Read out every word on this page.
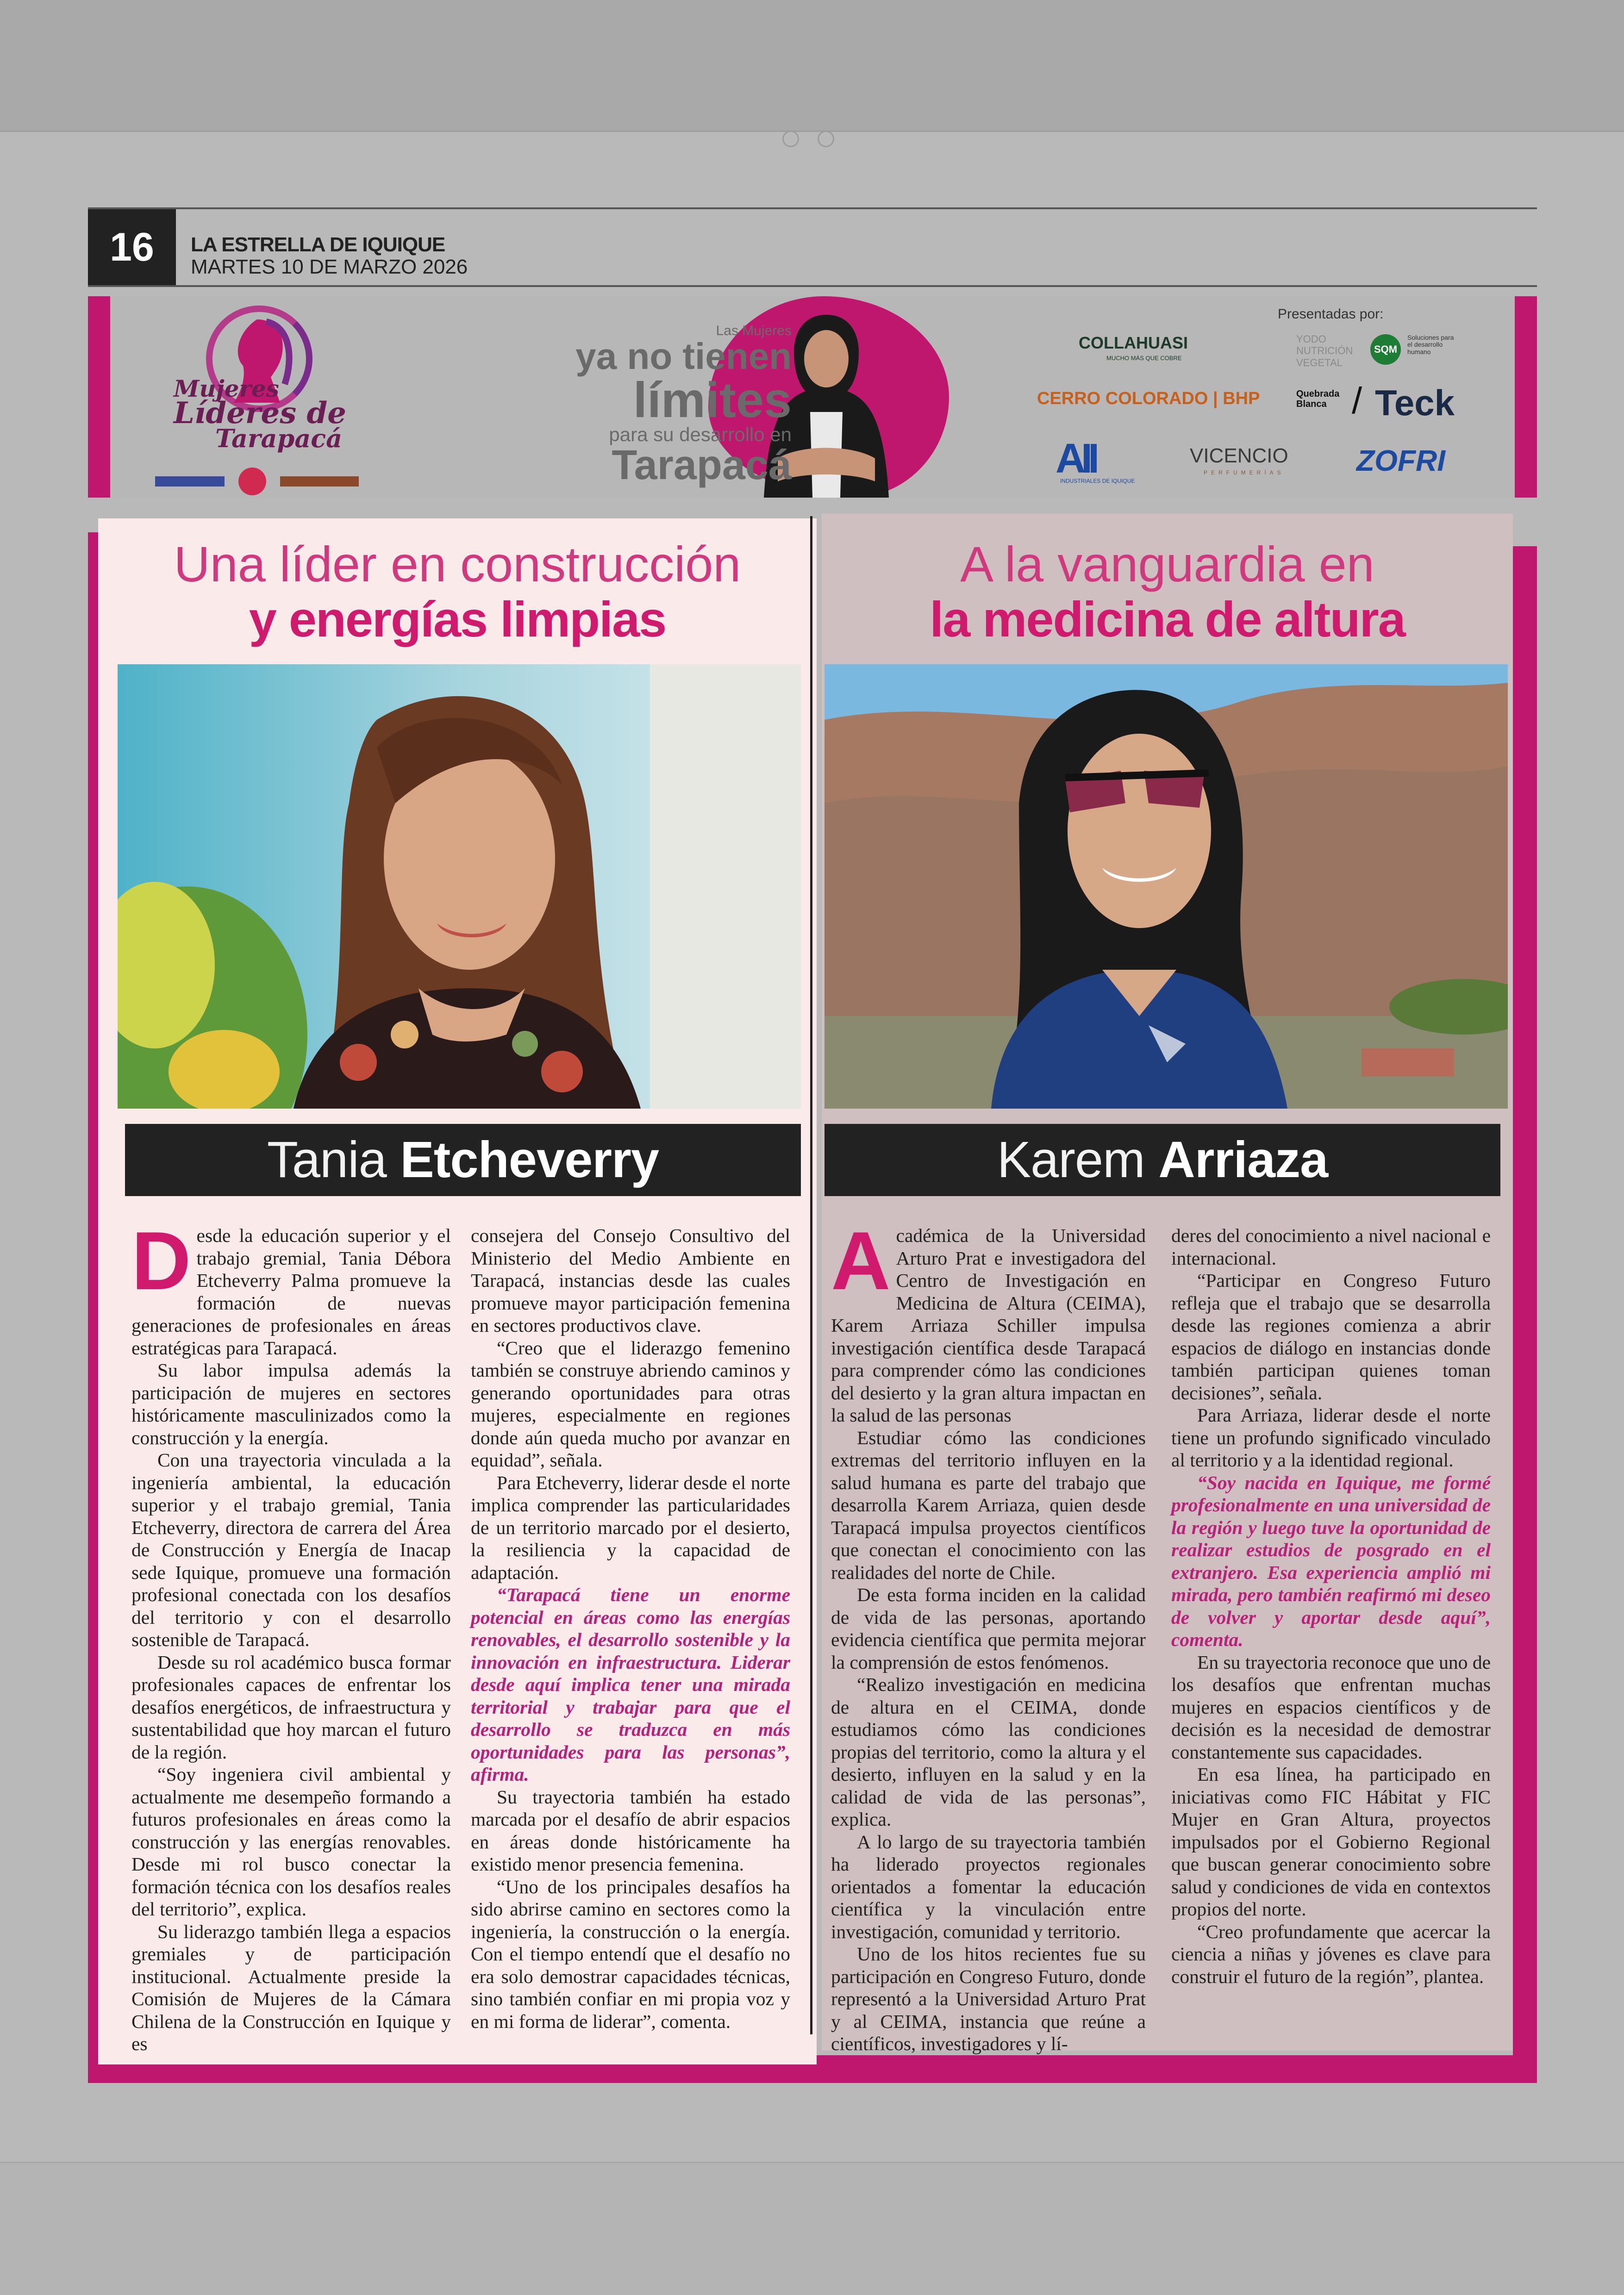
16	LA ESTRELLA DE IQUIQUE
MARTES 10 DE MARZO 2026
Mujeres
Líderes de
Tarapacá
Las Mujeres
ya no tienen
límites
para su desarrollo en
Tarapacá
Presentadas por:
COLLAHUASI
MUCHO MÁS QUE COBRE
YODO NUTRICIÓN VEGETAL
SQM
Soluciones para el desarrollo humano
CERRO COLORADO | BHP	Quebrada Blanca / Teck
AII
INDUSTRIALES DE IQUIQUE
VICENCIO
PERFUMERÍAS ZOFRI
Una líder en construcción
y energías limpias
Tania Etcheverry
D esde la educación superior y el trabajo gremial, Tania Débora Etcheverry Palma promueve la formación de nuevas generaciones de profesionales en áreas estratégicas para Tarapacá.

Su labor impulsa además la participación de mujeres en sectores históricamente masculinizados como la construcción y la energía.

Con una trayectoria vinculada a la ingeniería ambiental, la educación superior y el trabajo gremial, Tania Etcheverry, directora de carrera del Área de Construcción y Energía de Inacap sede Iquique, promueve una formación profesional conectada con los desafíos del territorio y con el desarrollo sostenible de Tarapacá.

Desde su rol académico busca formar profesionales capaces de enfrentar los desafíos energéticos, de infraestructura y sustentabilidad que hoy marcan el futuro de la región.

“Soy ingeniera civil ambiental y actualmente me desempeño formando a futuros profesionales en áreas como la construcción y las energías renovables. Desde mi rol busco conectar la formación técnica con los desafíos reales del territorio”, explica.

Su liderazgo también llega a espacios gremiales y de participación institucional. Actualmente preside la Comisión de Mujeres de la Cámara Chilena de la Construcción en Iquique y es

consejera del Consejo Consultivo del Ministerio del Medio Ambiente en Tarapacá, instancias desde las cuales promueve mayor participación femenina en sectores productivos clave.

“Creo que el liderazgo femenino también se construye abriendo caminos y generando oportunidades para otras mujeres, especialmente en regiones donde aún queda mucho por avanzar en equidad”, señala.

Para Etcheverry, liderar desde el norte implica comprender las particularidades de un territorio marcado por el desierto, la resiliencia y la capacidad de adaptación.

“Tarapacá tiene un enorme potencial en áreas como las energías renovables, el desarrollo sostenible y la innovación en infraestructura. Liderar desde aquí implica tener una mirada territorial y trabajar para que el desarrollo se traduzca en más oportunidades para las personas”, afirma.

Su trayectoria también ha estado marcada por el desafío de abrir espacios en áreas donde históricamente ha existido menor presencia femenina.

“Uno de los principales desafíos ha sido abrirse camino en sectores como la ingeniería, la construcción o la energía. Con el tiempo entendí que el desafío no era solo demostrar capacidades técnicas, sino también confiar en mi propia voz y en mi forma de liderar”, comenta.

A la vanguardia en
la medicina de altura
Karem Arriaza
A cadémica de la Universidad Arturo Prat e investigadora del Centro de Investigación en Medicina de Altura (CEIMA), Karem Arriaza Schiller impulsa investigación científica desde Tarapacá para comprender cómo las condiciones del desierto y la gran altura impactan en la salud de las personas

Estudiar cómo las condiciones extremas del territorio influyen en la salud humana es parte del trabajo que desarrolla Karem Arriaza, quien desde Tarapacá impulsa proyectos científicos que conectan el conocimiento con las realidades del norte de Chile.

De esta forma inciden en la calidad de vida de las personas, aportando evidencia científica que permita mejorar la comprensión de estos fenómenos.

“Realizo investigación en medicina de altura en el CEIMA, donde estudiamos cómo las condiciones propias del territorio, como la altura y el desierto, influyen en la salud y en la calidad de vida de las personas”, explica.

A lo largo de su trayectoria también ha liderado proyectos regionales orientados a fomentar la educación científica y la vinculación entre investigación, comunidad y territorio.

Uno de los hitos recientes fue su participación en Congreso Futuro, donde representó a la Universidad Arturo Prat y al CEIMA, instancia que reúne a científicos, investigadores y lí-

deres del conocimiento a nivel nacional e internacional.

“Participar en Congreso Futuro refleja que el trabajo que se desarrolla desde las regiones comienza a abrir espacios de diálogo en instancias donde también participan quienes toman decisiones”, señala.

Para Arriaza, liderar desde el norte tiene un profundo significado vinculado al territorio y a la identidad regional.

“Soy nacida en Iquique, me formé profesionalmente en una universidad de la región y luego tuve la oportunidad de realizar estudios de posgrado en el extranjero. Esa experiencia amplió mi mirada, pero también reafirmó mi deseo de volver y aportar desde aquí”, comenta.

En su trayectoria reconoce que uno de los desafíos que enfrentan muchas mujeres en espacios científicos y de decisión es la necesidad de demostrar constantemente sus capacidades.

En esa línea, ha participado en iniciativas como FIC Hábitat y FIC Mujer en Gran Altura, proyectos impulsados por el Gobierno Regional que buscan generar conocimiento sobre salud y condiciones de vida en contextos propios del norte.

“Creo profundamente que acercar la ciencia a niñas y jóvenes es clave para construir el futuro de la región”, plantea.
